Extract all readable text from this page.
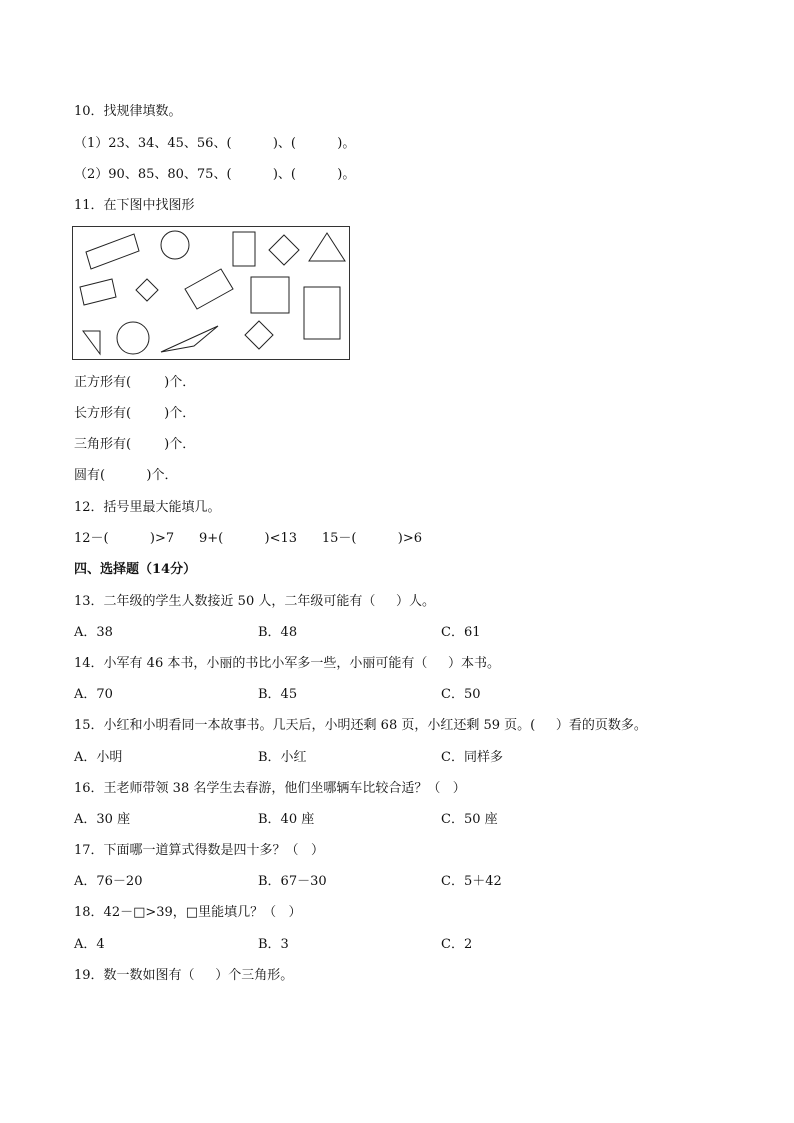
10．找规律填数。
（1）23、34、45、56、(          )、(          )。
（2）90、85、80、75、(          )、(          )。
11．在下图中找图形
正方形有(        )个．
长方形有(        )个．
三角形有(        )个．
圆有(          )个．
12．括号里最大能填几。
12－(          )>7      9+(          )<13      15－(          )>6
四、选择题（14分）
13．二年级的学生人数接近 50 人，二年级可能有（     ）人。
A．38	B．48	C．61
14．小军有 46 本书，小丽的书比小军多一些，小丽可能有（     ）本书。
A．70	B．45	C．50
15．小红和小明看同一本故事书。几天后，小明还剩 68 页，小红还剩 59 页。(     ）看的页数多。
A．小明	B．小红	C．同样多
16．王老师带领 38 名学生去春游，他们坐哪辆车比较合适？（   ）
A．30 座	B．40 座	C．50 座
17．下面哪一道算式得数是四十多？（   ）
A．76－20	B．67－30	C．5＋42
18．42－□>39，□里能填几？（   ）
A．4	B．3	C．2
19．数一数如图有（     ）个三角形。
